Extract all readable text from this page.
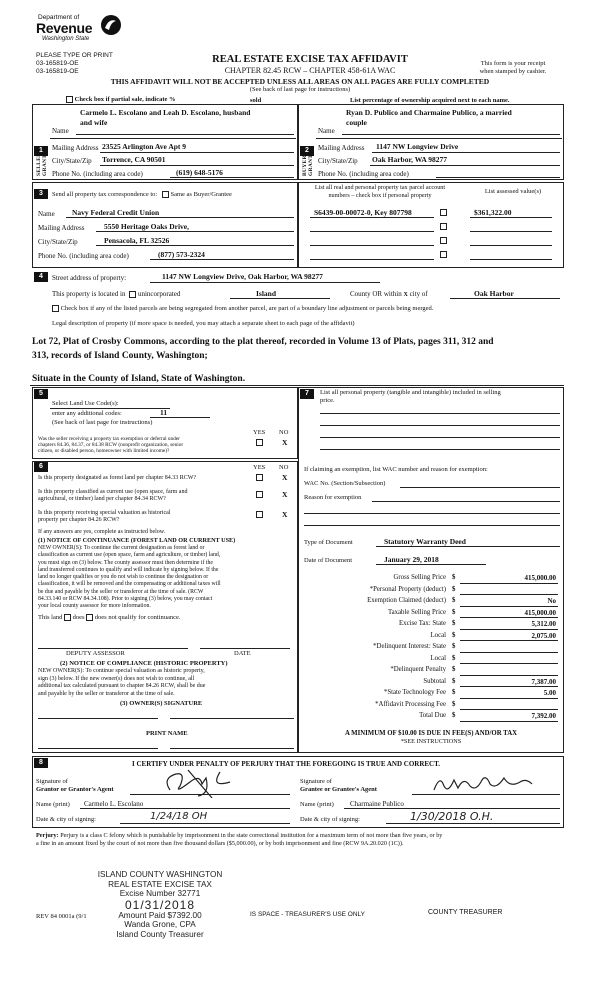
Department of
Revenue
Washington State
PLEASE TYPE OR PRINT
03-165819-OE
03-165819-OE
REAL ESTATE EXCISE TAX AFFIDAVIT
CHAPTER 82.45 RCW – CHAPTER 458-61A WAC
This form is your receipt
when stamped by cashier.
THIS AFFIDAVIT WILL NOT BE ACCEPTED UNLESS ALL AREAS ON ALL PAGES ARE FULLY COMPLETED
(See back of last page for instructions)
Check box if partial sale, indicate %	sold	List percentage of ownership acquired next to each name.
1
SELLER GRANTOR
Name
Carmelo L. Escolano and Leah D. Escolano, husband
and wife
Mailing Address 23525 Arlington Ave Apt 9
City/State/Zip Torrence, CA 90501
Phone No. (including area code)	(619) 648-5176
2
BUYER GRANTEE
Name
Ryan D. Publico and Charmaine Publico, a married
couple
Mailing Address 1147 NW Longview Drive
City/State/Zip Oak Harbor, WA 98277
Phone No. (including area code)
3	Send all property tax correspondence to: Same as Buyer/Grantee
Name Navy Federal Credit Union
Mailing Address	5550 Heritage Oaks Drive,
City/State/Zip	Pensacola, FL 32526
Phone No. (including area code)	(877) 573-2324
List all real and personal property tax parcel account
numbers – check box if personal property
List assessed value(s)
S6439-00-00072-0, Key 807798	$361,322.00
4	Street address of property:	1147 NW Longview Drive, Oak Harbor, WA 98277
This property is located in unincorporated	Island	County OR within X city of	Oak Harbor
Check box if any of the listed parcels are being segregated from another parcel, are part of a boundary line adjustment or parcels being merged.
Legal description of property (if more space is needed, you may attach a separate sheet to each page of the affidavit)
Lot 72, Plat of Crosby Commons, according to the plat thereof, recorded in Volume 13 of Plats, pages 311, 312 and
313, records of Island County, Washington;
Situate in the County of Island, State of Washington.
5
Select Land Use Code(s):
enter any additional codes:	11
(See back of last page for instructions)
YES NO
Was the seller receiving a property tax exemption or deferral under
chapters 84.36, 84.37, or 84.38 RCW (nonprofit organization, senior
citizen, or disabled person, homeowner with limited income)?
X
6	YES NO
Is this property designated as forest land per chapter 84.33 RCW?	X
Is this property classified as current use (open space, farm and
agricultural, or timber) land per chapter 84.34 RCW?	X
Is this property receiving special valuation as historical
property per chapter 84.26 RCW?
X
If any answers are yes, complete as instructed below.
(1) NOTICE OF CONTINUANCE (FOREST LAND OR CURRENT USE)
NEW OWNER(S): To continue the current designation as forest land or
classification as current use (open space, farm and agriculture, or timber) land,
you must sign on (3) below. The county assessor must then determine if the
land transferred continues to qualify and will indicate by signing below. If the
land no longer qualifies or you do not wish to continue the designation or
classification, it will be removed and the compensating or additional taxes will
be due and payable by the seller or transferor at the time of sale. (RCW
84.33.140 or RCW 84.34.108). Prior to signing (3) below, you may contact
your local county assessor for more information.
This land does does not qualify for continuance.
DEPUTY ASSESSOR	DATE
(2) NOTICE OF COMPLIANCE (HISTORIC PROPERTY)
NEW OWNER(S): To continue special valuation as historic property,
sign (3) below. If the new owner(s) does not wish to continue, all
additional tax calculated pursuant to chapter 84.26 RCW, shall be due
and payable by the seller or transferor at the time of sale.
(3) OWNER(S) SIGNATURE
PRINT NAME
7	List all personal property (tangible and intangible) included in selling
price.
If claiming an exemption, list WAC number and reason for exemption:
WAC No. (Section/Subsection)
Reason for exemption
Type of Document	Statutory Warranty Deed
Date of Document	January 29, 2018
Gross Selling Price $	415,000.00
*Personal Property (deduct) $
Exemption Claimed (deduct) $	No
Taxable Selling Price $	415,000.00
Excise Tax: State $	5,312.00
Local $	2,075.00
*Delinquent Interest: State $
Local $
*Delinquent Penalty $
Subtotal $	7,387.00
*State Technology Fee $	5.00
*Affidavit Processing Fee $
Total Due $	7,392.00
A MINIMUM OF $10.00 IS DUE IN FEE(S) AND/OR TAX
*SEE INSTRUCTIONS
8	I CERTIFY UNDER PENALTY OF PERJURY THAT THE FOREGOING IS TRUE AND CORRECT.
Signature of
Grantor or Grantor's Agent
Name (print) Carmelo L. Escolano
Date & city of signing:	1/24/18 OH
Signature of
Grantee or Grantee's Agent
Name (print) Charmaine Publico
Date & city of signing:	1/30/2018 O.H.
Perjury: Perjury is a class C felony which is punishable by imprisonment in the state correctional institution for a maximum term of not more than five years, or by
a fine in an amount fixed by the court of not more than five thousand dollars ($5,000.00), or by both imprisonment and fine (RCW 9A.20.020 (1C)).
ISLAND COUNTY WASHINGTON
REAL ESTATE EXCISE TAX
Excise Number 32771
01/31/2018
Amount Paid $7392.00
Wanda Grone, CPA
Island County Treasurer
REV 84 0001a (9/1	IS SPACE - TREASURER'S USE ONLY	COUNTY TREASURER
